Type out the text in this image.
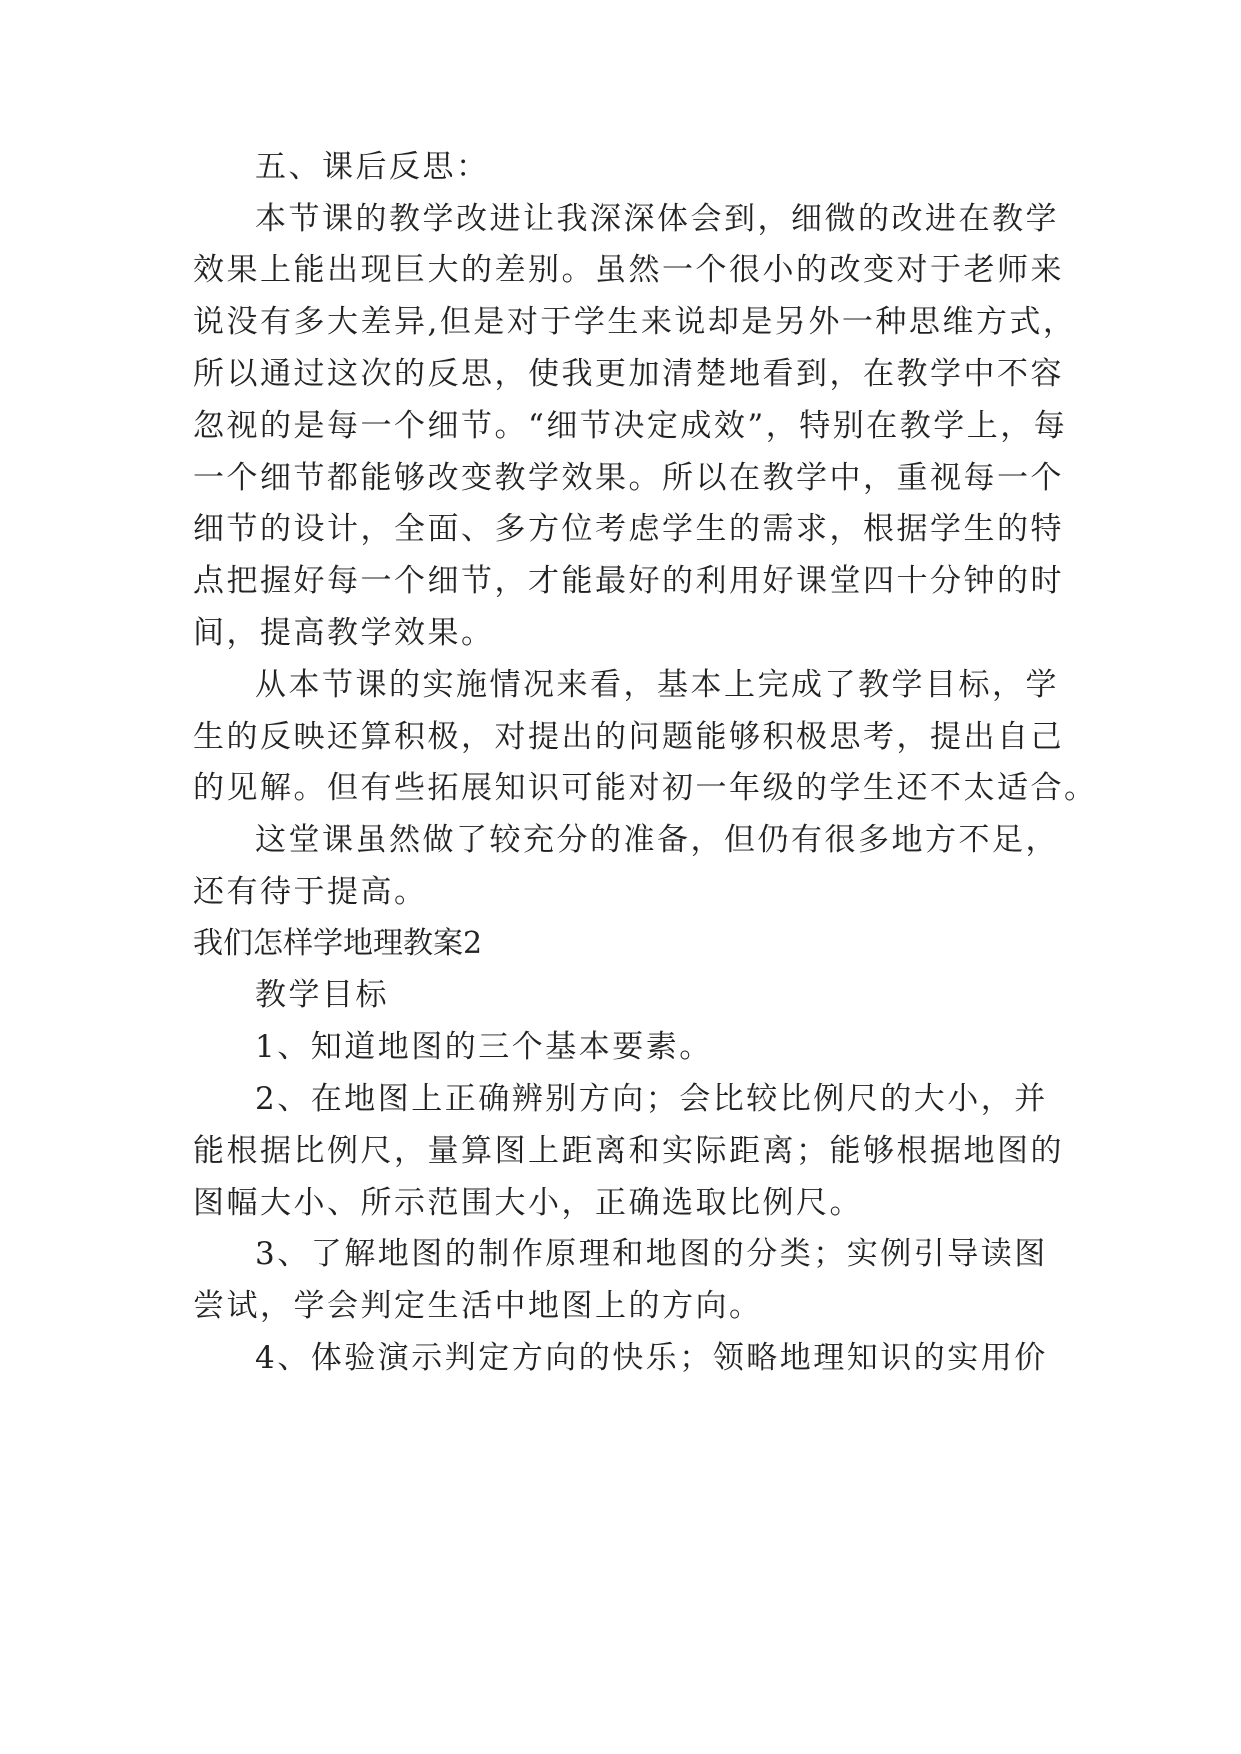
五、课后反思：
本节课的教学改进让我深深体会到，细微的改进在教学
效果上能出现巨大的差别。虽然一个很小的改变对于老师来
说没有多大差异,但是对于学生来说却是另外一种思维方式，
所以通过这次的反思，使我更加清楚地看到，在教学中不容
忽视的是每一个细节。“细节决定成效”，特别在教学上，每
一个细节都能够改变教学效果。所以在教学中，重视每一个
细节的设计，全面、多方位考虑学生的需求，根据学生的特
点把握好每一个细节，才能最好的利用好课堂四十分钟的时
间，提高教学效果。
从本节课的实施情况来看，基本上完成了教学目标，学
生的反映还算积极，对提出的问题能够积极思考，提出自己
的见解。但有些拓展知识可能对初一年级的学生还不太适合。
这堂课虽然做了较充分的准备，但仍有很多地方不足，
还有待于提高。
我们怎样学地理教案2
教学目标
1、知道地图的三个基本要素。
2、在地图上正确辨别方向；会比较比例尺的大小，并
能根据比例尺，量算图上距离和实际距离；能够根据地图的
图幅大小、所示范围大小，正确选取比例尺。
3、了解地图的制作原理和地图的分类；实例引导读图
尝试，学会判定生活中地图上的方向。
4、体验演示判定方向的快乐；领略地理知识的实用价
